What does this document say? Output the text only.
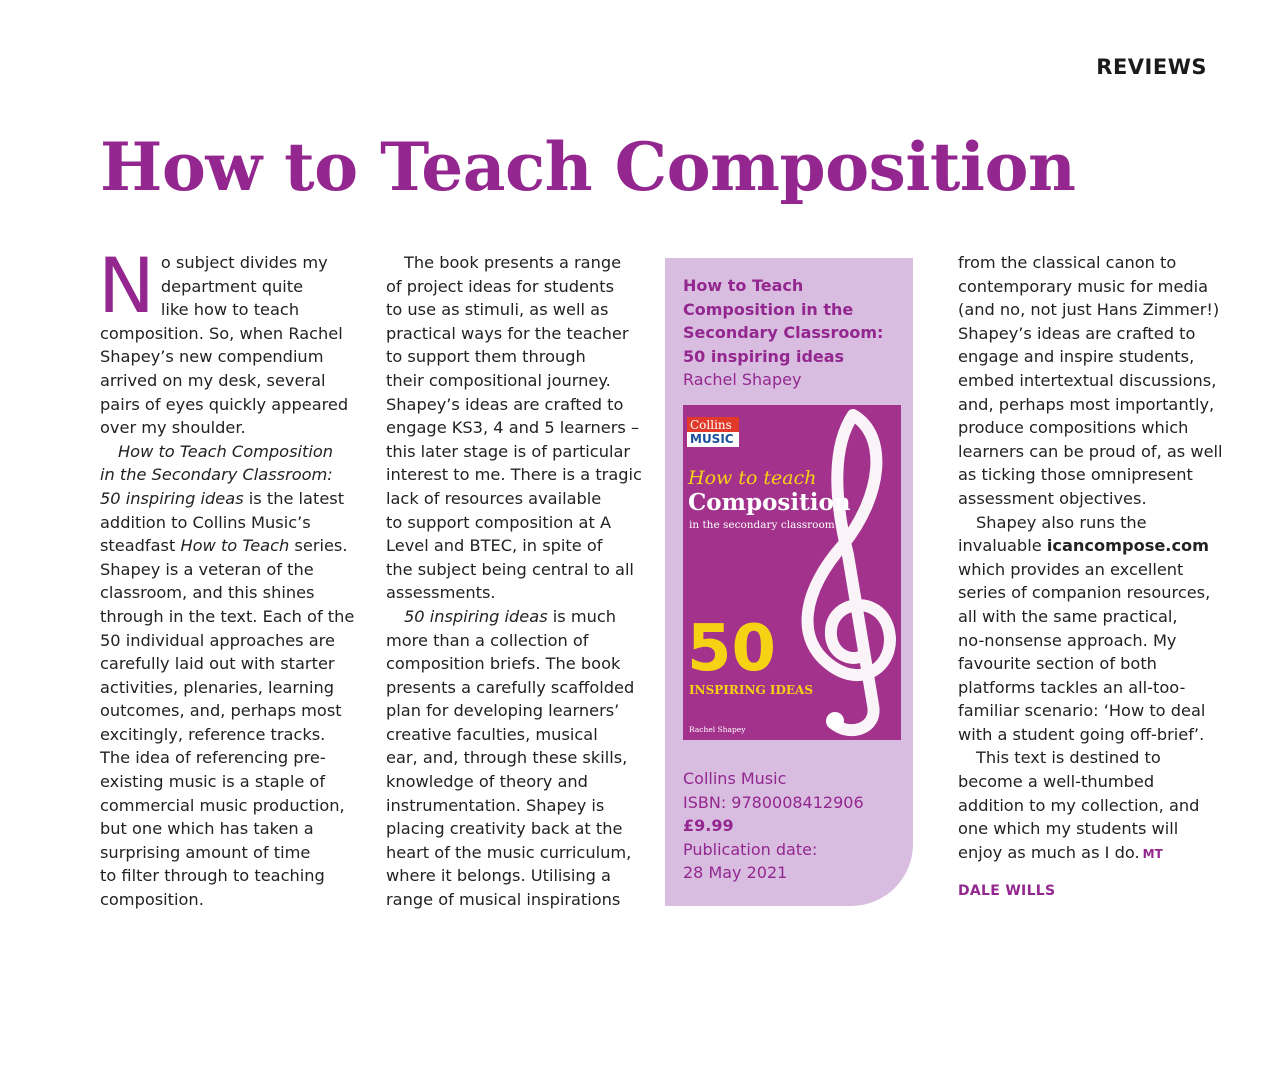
REVIEWS
How to Teach Composition
N o subject divides my
department quite
like how to teach
composition. So, when Rachel
Shapey’s new compendium
arrived on my desk, several
pairs of eyes quickly appeared
over my shoulder.

How to Teach Composition
in the Secondary Classroom:
50 inspiring ideas is the latest
addition to Collins Music’s
steadfast How to Teach series.
Shapey is a veteran of the
classroom, and this shines
through in the text. Each of the
50 individual approaches are
carefully laid out with starter
activities, plenaries, learning
outcomes, and, perhaps most
excitingly, reference tracks.
The idea of referencing pre-
existing music is a staple of
commercial music production,
but one which has taken a
surprising amount of time
to filter through to teaching
composition.

The book presents a range
of project ideas for students
to use as stimuli, as well as
practical ways for the teacher
to support them through
their compositional journey.
Shapey’s ideas are crafted to
engage KS3, 4 and 5 learners –
this later stage is of particular
interest to me. There is a tragic
lack of resources available
to support composition at A
Level and BTEC, in spite of
the subject being central to all
assessments.

50 inspiring ideas is much
more than a collection of
composition briefs. The book
presents a carefully scaffolded
plan for developing learners’
creative faculties, musical
ear, and, through these skills,
knowledge of theory and
instrumentation. Shapey is
placing creativity back at the
heart of the music curriculum,
where it belongs. Utilising a
range of musical inspirations

How to Teach
Composition in the
Secondary Classroom:
50 inspiring ideas
Rachel Shapey
Collins
MUSIC
How to teach
Composition
in the secondary classroom
50
INSPIRING IDEAS
Rachel Shapey
Collins Music
ISBN: 9780008412906
£9.99
Publication date:
28 May 2021

from the classical canon to
contemporary music for media
(and no, not just Hans Zimmer!)
Shapey’s ideas are crafted to
engage and inspire students,
embed intertextual discussions,
and, perhaps most importantly,
produce compositions which
learners can be proud of, as well
as ticking those omnipresent
assessment objectives.

Shapey also runs the
invaluable icancompose.com
which provides an excellent
series of companion resources,
all with the same practical,
no-nonsense approach. My
favourite section of both
platforms tackles an all-too-
familiar scenario: ‘How to deal
with a student going off-brief’.

This text is destined to
become a well-thumbed
addition to my collection, and
one which my students will
enjoy as much as I do. MT

DALE WILLS
